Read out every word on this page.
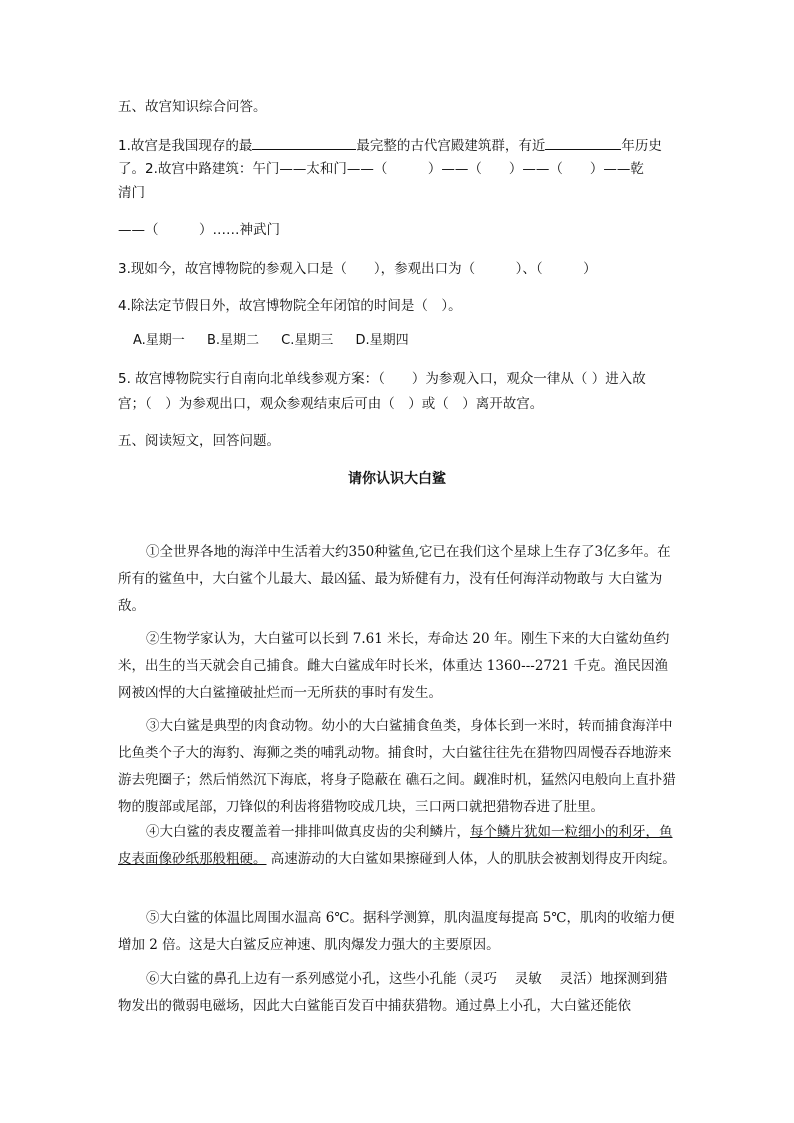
五、故宫知识综合问答。
1.故宫是我国现存的最	最完整的古代宫殿建筑群，有近	年历史
了。2.故宫中路建筑：午门——太和门——（　　　）——（　　）——（　　）——乾
清门
——（　　　）……神武门
3.现如今，故宫博物院的参观入口是（　　），参观出口为（　　　）、（　　　）
4.除法定节假日外，故宫博物院全年闭馆的时间是（　）。
A.星期一 B.星期二 C.星期三 D.星期四
5. 故宫博物院实行自南向北单线参观方案：（　　）为参观入口，观众一律从（ ）进入故
宫；（　）为参观出口，观众参观结束后可由（　）或（　）离开故宫。
五、阅读短文，回答问题。
请你认识大白鲨

①全世界各地的海洋中生活着大约350种鲨鱼,它已在我们这个星球上生存了3亿多年。在所有的鲨鱼中，大白鲨个儿最大、最凶猛、最为矫健有力，没有任何海洋动物敢与 大白鲨为敌。

②生物学家认为，大白鲨可以长到 7.61 米长，寿命达 20 年。刚生下来的大白鲨幼鱼约米，出生的当天就会自己捕食。雌大白鲨成年时长米，体重达 1360---2721 千克。渔民因渔网被凶悍的大白鲨撞破扯烂而一无所获的事时有发生。

③大白鲨是典型的肉食动物。幼小的大白鲨捕食鱼类，身体长到一米时，转而捕食海洋中比鱼类个子大的海豹、海狮之类的哺乳动物。捕食时，大白鲨往往先在猎物四周慢吞吞地游来游去兜圈子；然后悄然沉下海底，将身子隐蔽在 礁石之间。觑准时机，猛然闪电般向上直扑猎物的腹部或尾部，刀锋似的利齿将猎物咬成几块，三口两口就把猎物吞进了肚里。

④大白鲨的表皮覆盖着一排排叫做真皮齿的尖利鳞片，每个鳞片犹如一粒细小的利牙，鱼皮表面像砂纸那般粗硬。 高速游动的大白鲨如果擦碰到人体，人的肌肤会被割划得皮开肉绽。

⑤大白鲨的体温比周围水温高 6℃。据科学测算，肌肉温度每提高 5℃，肌肉的收缩力便增加 2 倍。这是大白鲨反应神速、肌肉爆发力强大的主要原因。

⑥大白鲨的鼻孔上边有一系列感觉小孔，这些小孔能（灵巧　 灵敏　 灵活）地探测到猎物发出的微弱电磁场，因此大白鲨能百发百中捕获猎物。通过鼻上小孔，大白鲨还能依
